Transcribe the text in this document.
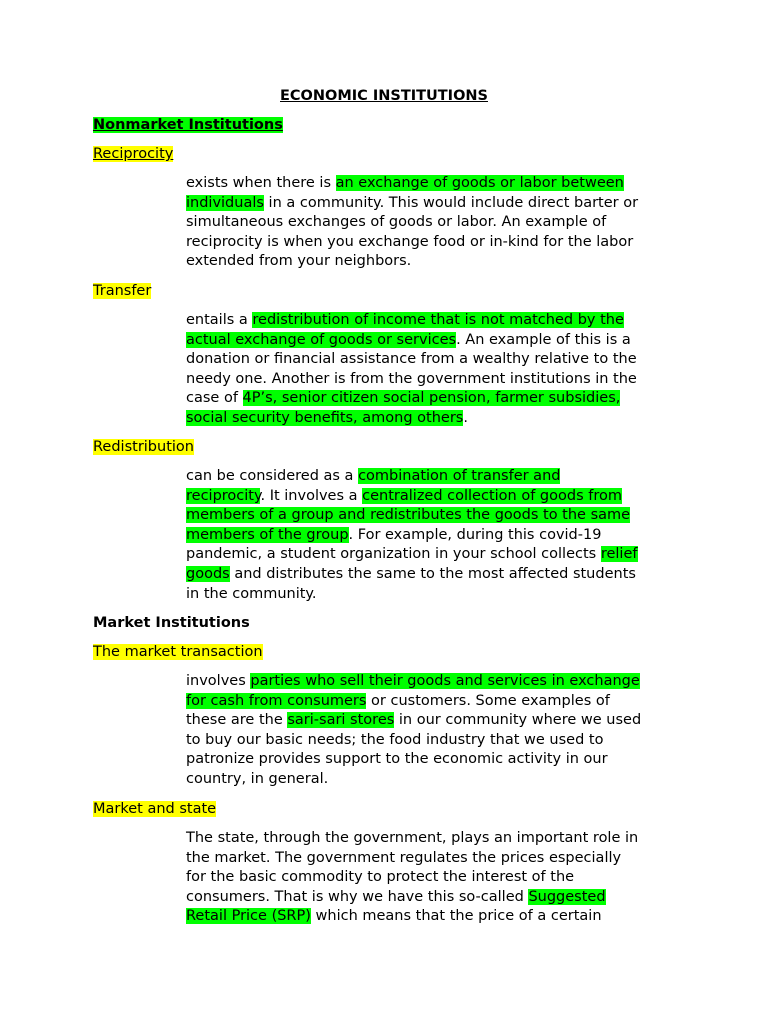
ECONOMIC INSTITUTIONS
Nonmarket Institutions
Reciprocity
exists when there is an exchange of goods or labor between
individuals in a community. This would include direct barter or
simultaneous exchanges of goods or labor. An example of
reciprocity is when you exchange food or in-kind for the labor
extended from your neighbors.
Transfer
entails a redistribution of income that is not matched by the
actual exchange of goods or services. An example of this is a
donation or financial assistance from a wealthy relative to the
needy one. Another is from the government institutions in the
case of 4P’s, senior citizen social pension, farmer subsidies,
social security benefits, among others.
Redistribution
can be considered as a combination of transfer and
reciprocity. It involves a centralized collection of goods from
members of a group and redistributes the goods to the same
members of the group. For example, during this covid-19
pandemic, a student organization in your school collects relief
goods and distributes the same to the most affected students
in the community.
Market Institutions
The market transaction
involves parties who sell their goods and services in exchange
for cash from consumers or customers. Some examples of
these are the sari-sari stores in our community where we used
to buy our basic needs; the food industry that we used to
patronize provides support to the economic activity in our
country, in general.
Market and state
The state, through the government, plays an important role in
the market. The government regulates the prices especially
for the basic commodity to protect the interest of the
consumers. That is why we have this so-called Suggested
Retail Price (SRP) which means that the price of a certain
